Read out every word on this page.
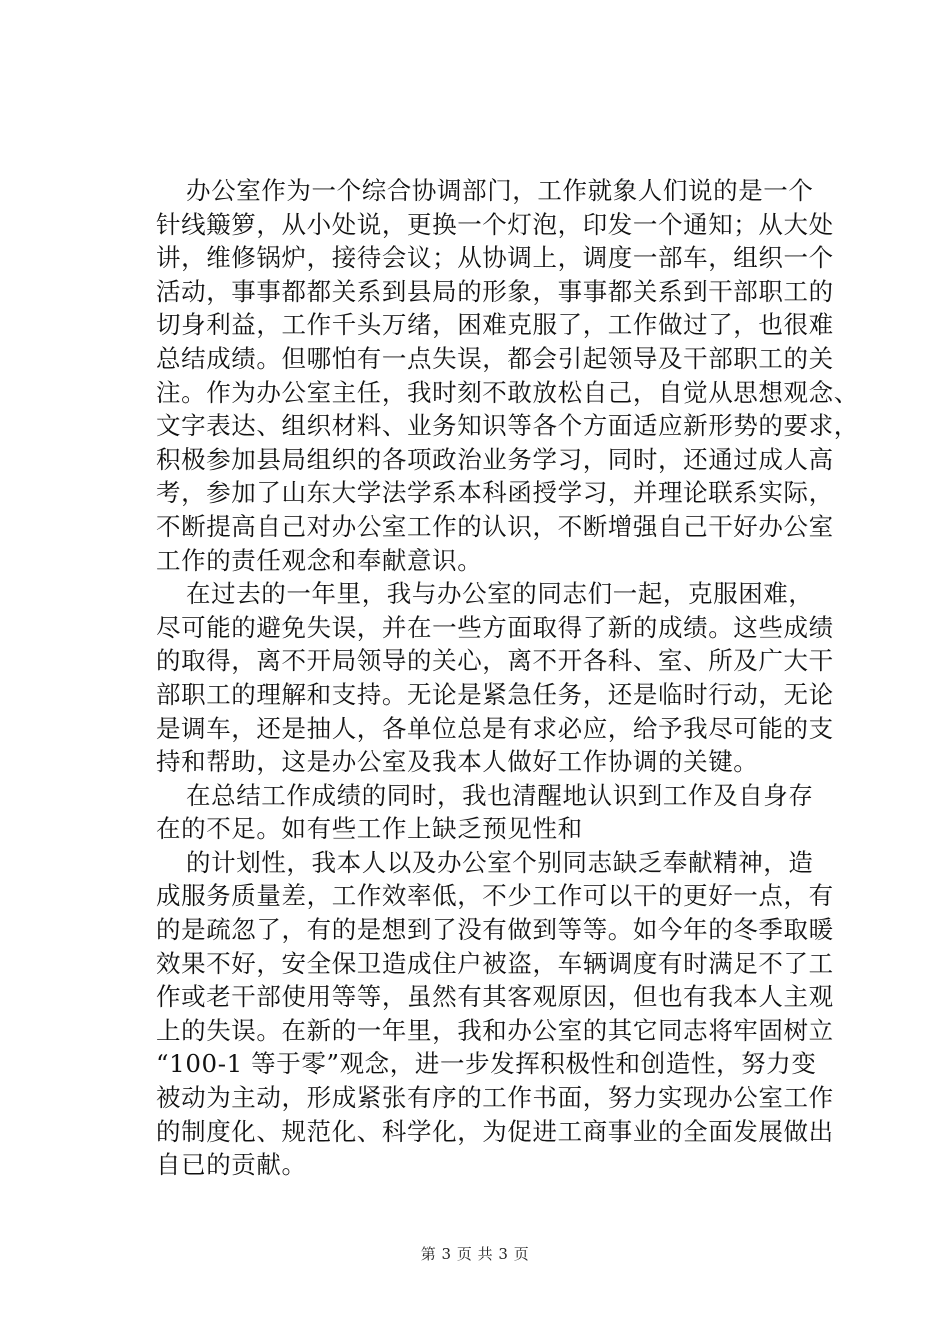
办公室作为一个综合协调部门，工作就象人们说的是一个
针线簸箩，从小处说，更换一个灯泡，印发一个通知；从大处
讲，维修锅炉，接待会议；从协调上，调度一部车，组织一个
活动，事事都都关系到县局的形象，事事都关系到干部职工的
切身利益，工作千头万绪，困难克服了，工作做过了，也很难
总结成绩。但哪怕有一点失误，都会引起领导及干部职工的关
注。作为办公室主任，我时刻不敢放松自己，自觉从思想观念、
文字表达、组织材料、业务知识等各个方面适应新形势的要求，
积极参加县局组织的各项政治业务学习，同时，还通过成人高
考，参加了山东大学法学系本科函授学习，并理论联系实际，
不断提高自己对办公室工作的认识，不断增强自己干好办公室
工作的责任观念和奉献意识。
在过去的一年里，我与办公室的同志们一起，克服困难，
尽可能的避免失误，并在一些方面取得了新的成绩。这些成绩
的取得，离不开局领导的关心，离不开各科、室、所及广大干
部职工的理解和支持。无论是紧急任务，还是临时行动，无论
是调车，还是抽人，各单位总是有求必应，给予我尽可能的支
持和帮助，这是办公室及我本人做好工作协调的关键。
在总结工作成绩的同时，我也清醒地认识到工作及自身存
在的不足。如有些工作上缺乏预见性和
的计划性，我本人以及办公室个别同志缺乏奉献精神，造
成服务质量差，工作效率低，不少工作可以干的更好一点，有
的是疏忽了，有的是想到了没有做到等等。如今年的冬季取暖
效果不好，安全保卫造成住户被盗，车辆调度有时满足不了工
作或老干部使用等等，虽然有其客观原因，但也有我本人主观
上的失误。在新的一年里，我和办公室的其它同志将牢固树立
“100-1 等于零”观念，进一步发挥积极性和创造性，努力变
被动为主动，形成紧张有序的工作书面，努力实现办公室工作
的制度化、规范化、科学化，为促进工商事业的全面发展做出
自已的贡献。
第 3 页 共 3 页
